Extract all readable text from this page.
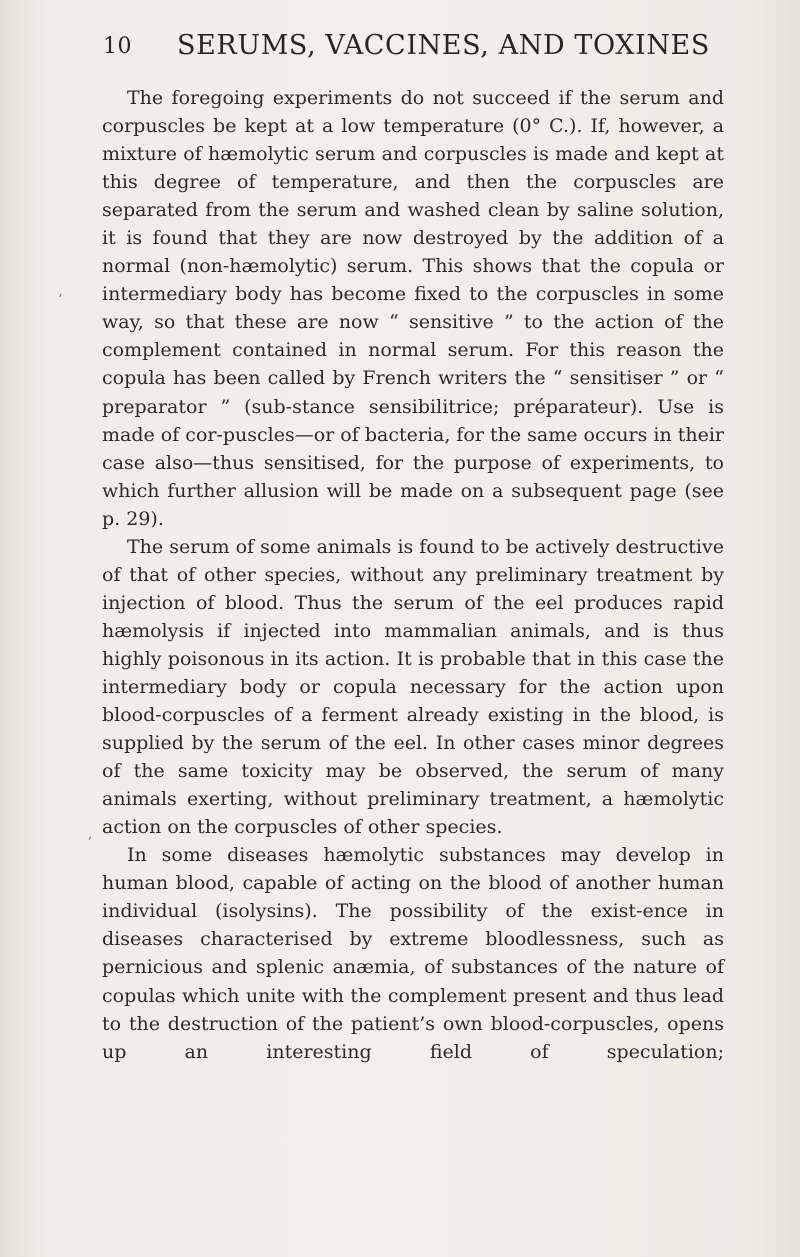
10 SERUMS, VACCINES, AND TOXINES

The foregoing experiments do not succeed if the serum and corpuscles be kept at a low temperature (0° C.). If, however, a mixture of hæmolytic serum and corpuscles is made and kept at this degree of temperature, and then the corpuscles are separated from the serum and washed clean by saline solution, it is found that they are now destroyed by the addition of a normal (non-hæmolytic) serum. This shows that the copula or intermediary body has become fixed to the corpuscles in some way, so that these are now “ sensitive ” to the action of the complement contained in normal serum. For this reason the copula has been called by French writers the “ sensitiser ” or “ preparator ” (sub-stance sensibilitrice; préparateur). Use is made of cor-puscles—or of bacteria, for the same occurs in their case also—thus sensitised, for the purpose of experiments, to which further allusion will be made on a subsequent page (see p. 29).

The serum of some animals is found to be actively destructive of that of other species, without any preliminary treatment by injection of blood. Thus the serum of the eel produces rapid hæmolysis if injected into mammalian animals, and is thus highly poisonous in its action. It is probable that in this case the intermediary body or copula necessary for the action upon blood-corpuscles of a ferment already existing in the blood, is supplied by the serum of the eel. In other cases minor degrees of the same toxicity may be observed, the serum of many animals exerting, without preliminary treatment, a hæmolytic action on the corpuscles of other species.

In some diseases hæmolytic substances may develop in human blood, capable of acting on the blood of another human individual (isolysins). The possibility of the exist-ence in diseases characterised by extreme bloodlessness, such as pernicious and splenic anæmia, of substances of the nature of copulas which unite with the complement present and thus lead to the destruction of the patient’s own blood-corpuscles, opens up an interesting field of speculation;

‘
,
